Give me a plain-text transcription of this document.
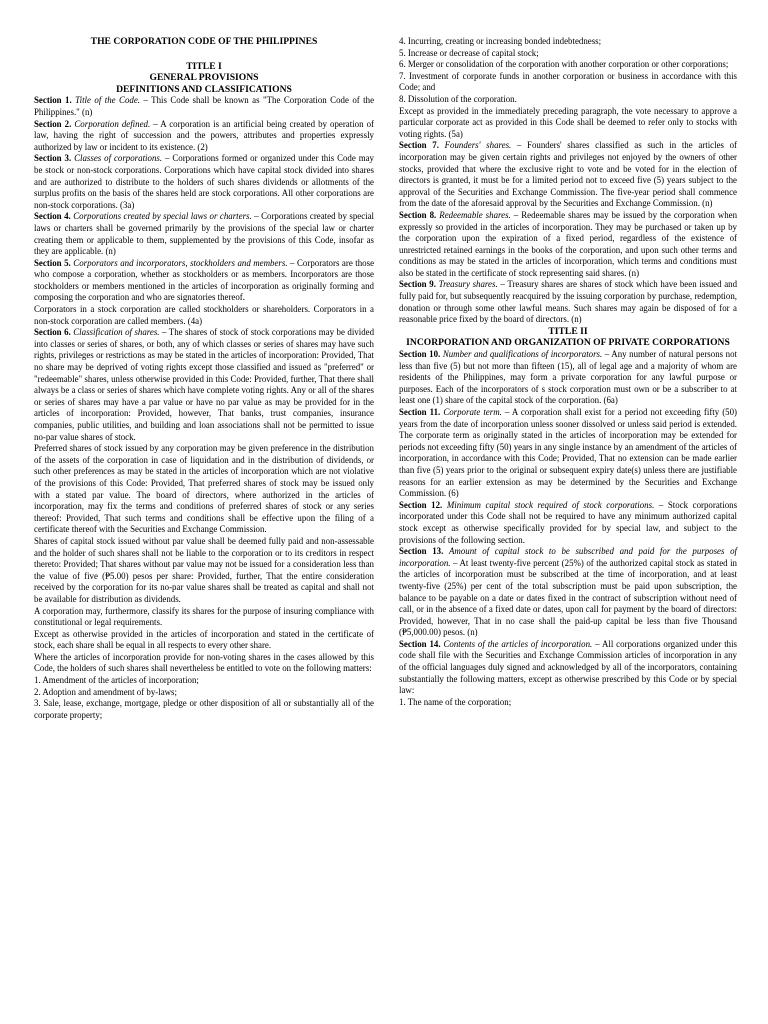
THE CORPORATION CODE OF THE PHILIPPINES

TITLE I

GENERAL PROVISIONS

DEFINITIONS AND CLASSIFICATIONS

Section 1. Title of the Code. – This Code shall be known as "The Corporation Code of the Philippines." (n)

Section 2. Corporation defined. – A corporation is an artificial being created by operation of law, having the right of succession and the powers, attributes and properties expressly authorized by law or incident to its existence. (2)

Section 3. Classes of corporations. – Corporations formed or organized under this Code may be stock or non-stock corporations. Corporations which have capital stock divided into shares and are authorized to distribute to the holders of such shares dividends or allotments of the surplus profits on the basis of the shares held are stock corporations. All other corporations are non-stock corporations. (3a)

Section 4. Corporations created by special laws or charters. – Corporations created by special laws or charters shall be governed primarily by the provisions of the special law or charter creating them or applicable to them, supplemented by the provisions of this Code, insofar as they are applicable. (n)

Section 5. Corporators and incorporators, stockholders and members. – Corporators are those who compose a corporation, whether as stockholders or as members. Incorporators are those stockholders or members mentioned in the articles of incorporation as originally forming and composing the corporation and who are signatories thereof.

Corporators in a stock corporation are called stockholders or shareholders. Corporators in a non-stock corporation are called members. (4a)

Section 6. Classification of shares. – The shares of stock of stock corporations may be divided into classes or series of shares, or both, any of which classes or series of shares may have such rights, privileges or restrictions as may be stated in the articles of incorporation: Provided, That no share may be deprived of voting rights except those classified and issued as "preferred" or "redeemable" shares, unless otherwise provided in this Code: Provided, further, That there shall always be a class or series of shares which have complete voting rights. Any or all of the shares or series of shares may have a par value or have no par value as may be provided for in the articles of incorporation: Provided, however, That banks, trust companies, insurance companies, public utilities, and building and loan associations shall not be permitted to issue no-par value shares of stock.

Preferred shares of stock issued by any corporation may be given preference in the distribution of the assets of the corporation in case of liquidation and in the distribution of dividends, or such other preferences as may be stated in the articles of incorporation which are not violative of the provisions of this Code: Provided, That preferred shares of stock may be issued only with a stated par value. The board of directors, where authorized in the articles of incorporation, may fix the terms and conditions of preferred shares of stock or any series thereof: Provided, That such terms and conditions shall be effective upon the filing of a certificate thereof with the Securities and Exchange Commission.

Shares of capital stock issued without par value shall be deemed fully paid and non-assessable and the holder of such shares shall not be liable to the corporation or to its creditors in respect thereto: Provided; That shares without par value may not be issued for a consideration less than the value of five (₱5.00) pesos per share: Provided, further, That the entire consideration received by the corporation for its no-par value shares shall be treated as capital and shall not be available for distribution as dividends.

A corporation may, furthermore, classify its shares for the purpose of insuring compliance with constitutional or legal requirements.

Except as otherwise provided in the articles of incorporation and stated in the certificate of stock, each share shall be equal in all respects to every other share.

Where the articles of incorporation provide for non-voting shares in the cases allowed by this Code, the holders of such shares shall nevertheless be entitled to vote on the following matters:

1. Amendment of the articles of incorporation;

2. Adoption and amendment of by-laws;

3. Sale, lease, exchange, mortgage, pledge or other disposition of all or substantially all of the corporate property;

4. Incurring, creating or increasing bonded indebtedness;

5. Increase or decrease of capital stock;

6. Merger or consolidation of the corporation with another corporation or other corporations;

7. Investment of corporate funds in another corporation or business in accordance with this Code; and

8. Dissolution of the corporation.

Except as provided in the immediately preceding paragraph, the vote necessary to approve a particular corporate act as provided in this Code shall be deemed to refer only to stocks with voting rights. (5a)

Section 7. Founders' shares. – Founders' shares classified as such in the articles of incorporation may be given certain rights and privileges not enjoyed by the owners of other stocks, provided that where the exclusive right to vote and be voted for in the election of directors is granted, it must be for a limited period not to exceed five (5) years subject to the approval of the Securities and Exchange Commission. The five-year period shall commence from the date of the aforesaid approval by the Securities and Exchange Commission. (n)

Section 8. Redeemable shares. – Redeemable shares may be issued by the corporation when expressly so provided in the articles of incorporation. They may be purchased or taken up by the corporation upon the expiration of a fixed period, regardless of the existence of unrestricted retained earnings in the books of the corporation, and upon such other terms and conditions as may be stated in the articles of incorporation, which terms and conditions must also be stated in the certificate of stock representing said shares. (n)

Section 9. Treasury shares. – Treasury shares are shares of stock which have been issued and fully paid for, but subsequently reacquired by the issuing corporation by purchase, redemption, donation or through some other lawful means. Such shares may again be disposed of for a reasonable price fixed by the board of directors. (n)

TITLE II

INCORPORATION AND ORGANIZATION OF PRIVATE CORPORATIONS

Section 10. Number and qualifications of incorporators. – Any number of natural persons not less than five (5) but not more than fifteen (15), all of legal age and a majority of whom are residents of the Philippines, may form a private corporation for any lawful purpose or purposes. Each of the incorporators of s stock corporation must own or be a subscriber to at least one (1) share of the capital stock of the corporation. (6a)

Section 11. Corporate term. – A corporation shall exist for a period not exceeding fifty (50) years from the date of incorporation unless sooner dissolved or unless said period is extended. The corporate term as originally stated in the articles of incorporation may be extended for periods not exceeding fifty (50) years in any single instance by an amendment of the articles of incorporation, in accordance with this Code; Provided, That no extension can be made earlier than five (5) years prior to the original or subsequent expiry date(s) unless there are justifiable reasons for an earlier extension as may be determined by the Securities and Exchange Commission. (6)

Section 12. Minimum capital stock required of stock corporations. – Stock corporations incorporated under this Code shall not be required to have any minimum authorized capital stock except as otherwise specifically provided for by special law, and subject to the provisions of the following section.

Section 13. Amount of capital stock to be subscribed and paid for the purposes of incorporation. – At least twenty-five percent (25%) of the authorized capital stock as stated in the articles of incorporation must be subscribed at the time of incorporation, and at least twenty-five (25%) per cent of the total subscription must be paid upon subscription, the balance to be payable on a date or dates fixed in the contract of subscription without need of call, or in the absence of a fixed date or dates, upon call for payment by the board of directors: Provided, however, That in no case shall the paid-up capital be less than five Thousand (₱5,000.00) pesos. (n)

Section 14. Contents of the articles of incorporation. – All corporations organized under this code shall file with the Securities and Exchange Commission articles of incorporation in any of the official languages duly signed and acknowledged by all of the incorporators, containing substantially the following matters, except as otherwise prescribed by this Code or by special law:

1. The name of the corporation;
